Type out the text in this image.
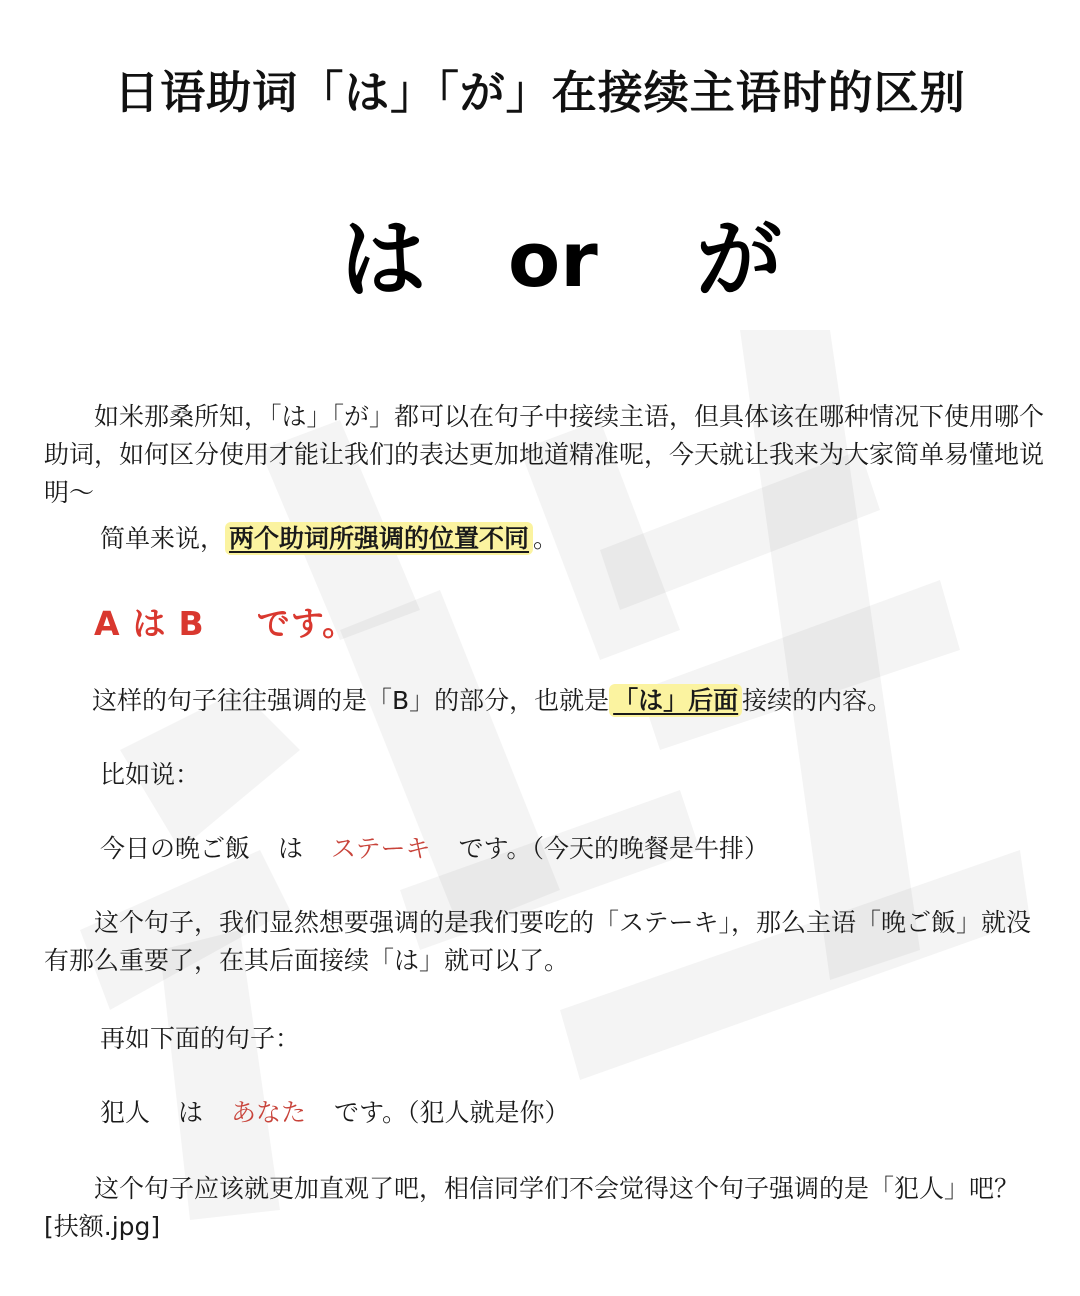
日语助词「は」「が」在接续主语时的区别
は or が
如米那桑所知，「は」「が」都可以在句子中接续主语，但具体该在哪种情况下使用哪个助词，如何区分使用才能让我们的表达更加地道精准呢，今天就让我来为大家简单易懂地说明～
简单来说， 两个助词所强调的位置不同 。
A は B です。
这样的句子往往强调的是「B」的部分，也就是 「は」后面 接续的内容。
比如说：
今日の晩ご飯 は ステーキ です。（今天的晚餐是牛排）
这个句子，我们显然想要强调的是我们要吃的「ステーキ」，那么主语「晚ご飯」就没有那么重要了，在其后面接续「は」就可以了。
再如下面的句子：
犯人 は あなた です。（犯人就是你）
这个句子应该就更加直观了吧，相信同学们不会觉得这个句子强调的是「犯人」吧？ [扶额.jpg]
